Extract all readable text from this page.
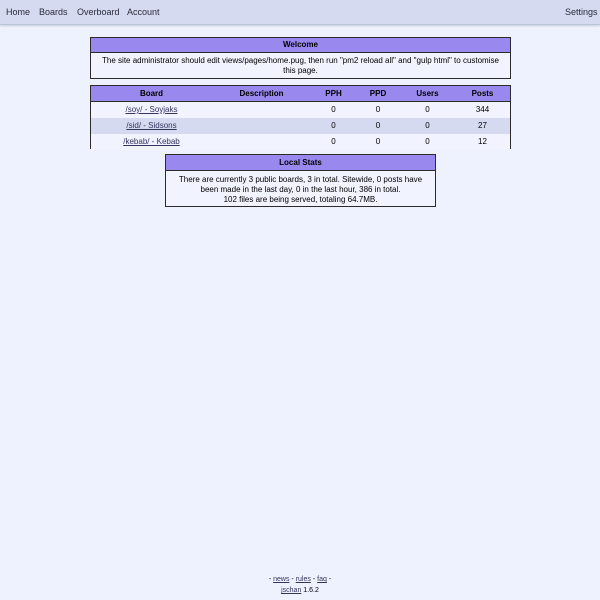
Home Boards Overboard Account	Settings
Welcome
The site administrator should edit views/pages/home.pug, then run "pm2 reload all" and "gulp html" to customise this page.
Board	Description	PPH	PPD	Users	Posts
/soy/ - Soyjaks		0	0	0	344
/sid/ - Sidsons		0	0	0	27
/kebab/ - Kebab		0	0	0	12
Local Stats
There are currently 3 public boards, 3 in total. Sitewide, 0 posts have been made in the last day, 0 in the last hour, 386 in total.
102 files are being served, totaling 64.7MB.
- news - rules - faq -
jschan 1.6.2
